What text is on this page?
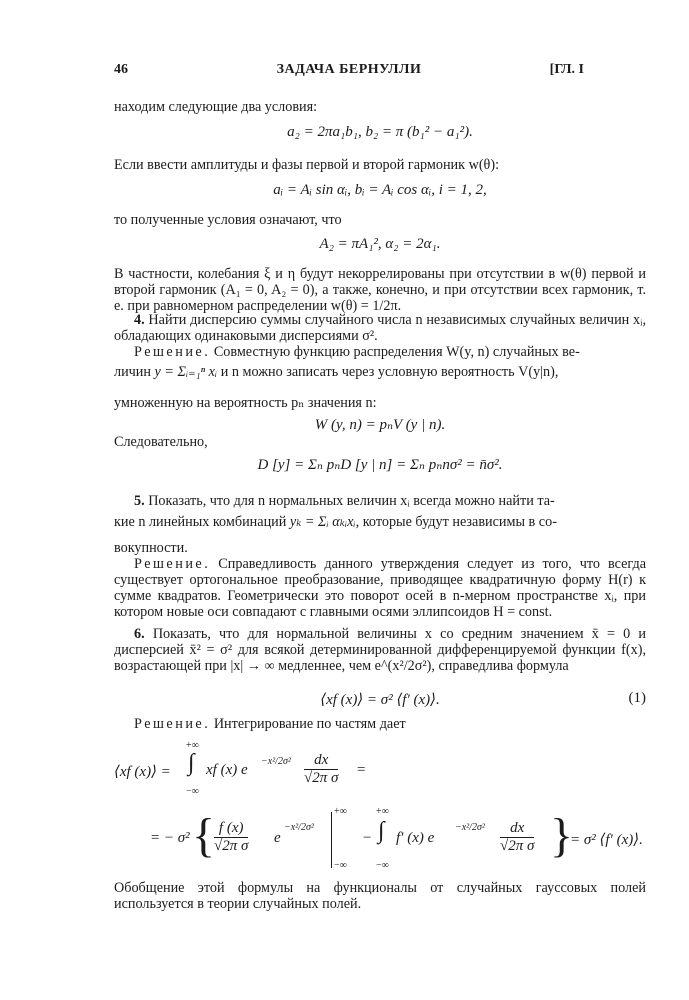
46	ЗАДАЧА БЕРНУЛЛИ	[ГЛ. I
находим следующие два условия:
a₂ = 2πa₁b₁, b₂ = π (b₁² − a₁²).
Если ввести амплитуды и фазы первой и второй гармоник w(θ):
aᵢ = Aᵢ sin αᵢ, bᵢ = Aᵢ cos αᵢ, i = 1, 2,
то полученные условия означают, что
A₂ = πA₁², α₂ = 2α₁.
В частности, колебания ξ и η будут некоррелированы при отсутствии в w(θ) первой и второй гармоник (A₁ = 0, A₂ = 0), а также, конечно, и при отсутствии всех гармоник, т. е. при равномерном распределении w(θ) = 1/2π.
4. Найти дисперсию суммы случайного числа n независимых случайных величин xᵢ, обладающих одинаковыми дисперсиями σ².
Решение. Совместную функцию распределения W(y, n) случайных ве-
личин y = Σᵢ₌₁ⁿ xᵢ и n можно записать через условную вероятность V(y|n),
умноженную на вероятность pₙ значения n:
W (y, n) = pₙV (y | n).
Следовательно,
D [y] = Σₙ pₙD [y | n] = Σₙ pₙnσ² = n̄σ².
5. Показать, что для n нормальных величин xᵢ всегда можно найти та-
кие n линейных комбинаций yₖ = Σᵢ αₖᵢxᵢ, которые будут независимы в со-
вокупности.
Решение. Справедливость данного утверждения следует из того, что всегда существует ортогональное преобразование, приводящее квадратичную форму H(r) к сумме квадратов. Геометрически это поворот осей в n-мерном пространстве xᵢ, при котором новые оси совпадают с главными осями эллипсоидов H = const.
6. Показать, что для нормальной величины x со средним значением x̄ = 0 и дисперсией x̄² = σ² для всякой детерминированной дифференцируемой функции f(x), возрастающей при |x| → ∞ медленнее, чем e^(x²/2σ²), справедлива формула
⟨xf (x)⟩ = σ² ⟨f′ (x)⟩.	(1)
Решение. Интегрирование по частям дает
⟨xf (x)⟩ =
+∞
∫
−∞
xf (x) e
$-x^2/2\sigma^2 \frac{dx}{\text{√2π σ}}$ =
= − σ² {
$\frac{f (x)}{\text{√2π σ}}$ e
−x²/2σ²
+∞
−∞
−
+∞
∫
−∞
f′ (x) e
$-x^2/2\sigma^2 \frac{dx}{\text{√2π σ}}$ }
= σ² ⟨f′ (x)⟩.
Обобщение этой формулы на функционалы от случайных гауссовых полей используется в теории случайных полей.
